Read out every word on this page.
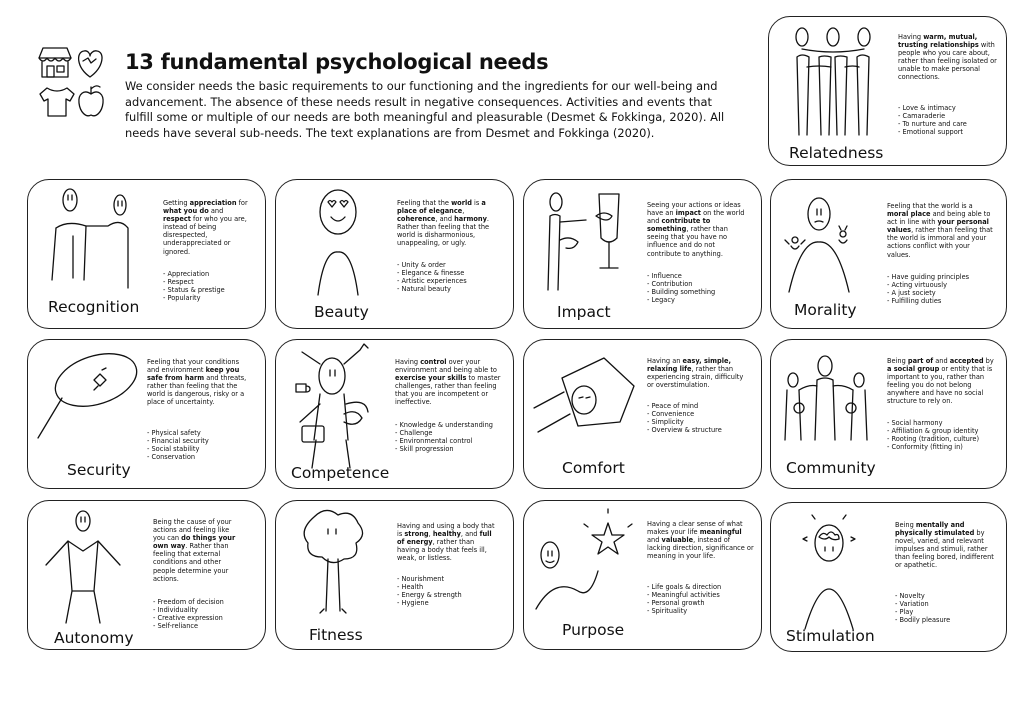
13 fundamental psychological needs

We consider needs the basic requirements to our functioning and the ingredients for our well-being and advancement. The absence of these needs result in negative consequences. Activities and events that fulfill some or multiple of our needs are both meaningful and pleasurable (Desmet & Fokkinga, 2020). All needs have several sub-needs. The text explanations are from Desmet and Fokkinga (2020).

Having warm, mutual, trusting relationships with people who you care about, rather than feeling isolated or unable to make personal connections.
- Love & intimacy
- Camaraderie
- To nurture and care
- Emotional support
Relatedness
Getting appreciation for what you do and respect for who you are, instead of being disrespected, underappreciated or ignored.
- Appreciation
- Respect
- Status & prestige
- Popularity
Recognition
Feeling that the world is a place of elegance, coherence, and harmony. Rather than feeling that the world is disharmonious, unappealing, or ugly.
- Unity & order
- Elegance & finesse
- Artistic experiences
- Natural beauty
Beauty
Seeing your actions or ideas have an impact on the world and contribute to something, rather than seeing that you have no influence and do not contribute to anything.
- Influence
- Contribution
- Building something
- Legacy
Impact
Feeling that the world is a moral place and being able to act in line with your personal values, rather than feeling that the world is immoral and your actions conflict with your values.
- Have guiding principles
- Acting virtuously
- A just society
- Fulfilling duties
Morality
Feeling that your conditions and environment keep you safe from harm and threats, rather than feeling that the world is dangerous, risky or a place of uncertainty.
- Physical safety
- Financial security
- Social stability
- Conservation
Security
Having control over your environment and being able to exercise your skills to master challenges, rather than feeling that you are incompetent or ineffective.
- Knowledge & understanding
- Challenge
- Environmental control
- Skill progression
Competence
Having an easy, simple, relaxing life, rather than experiencing strain, difficulty or overstimulation.
- Peace of mind
- Convenience
- Simplicity
- Overview & structure
Comfort
Being part of and accepted by a social group or entity that is important to you, rather than feeling you do not belong anywhere and have no social structure to rely on.
- Social harmony
- Affiliation & group identity
- Rooting (tradition, culture)
- Conformity (fitting in)
Community
Being the cause of your actions and feeling like you can do things your own way. Rather than feeling that external conditions and other people determine your actions.
- Freedom of decision
- Individuality
- Creative expression
- Self-reliance
Autonomy
Having and using a body that is strong, healthy, and full of energy, rather than having a body that feels ill, weak, or listless.
- Nourishment
- Health
- Energy & strength
- Hygiene
Fitness
Having a clear sense of what makes your life meaningful and valuable, instead of lacking direction, significance or meaning in your life.
- Life goals & direction
- Meaningful activities
- Personal growth
- Spirituality
Purpose
Being mentally and physically stimulated by novel, varied, and relevant impulses and stimuli, rather than feeling bored, indifferent or apathetic.
- Novelty
- Variation
- Play
- Bodily pleasure
Stimulation
